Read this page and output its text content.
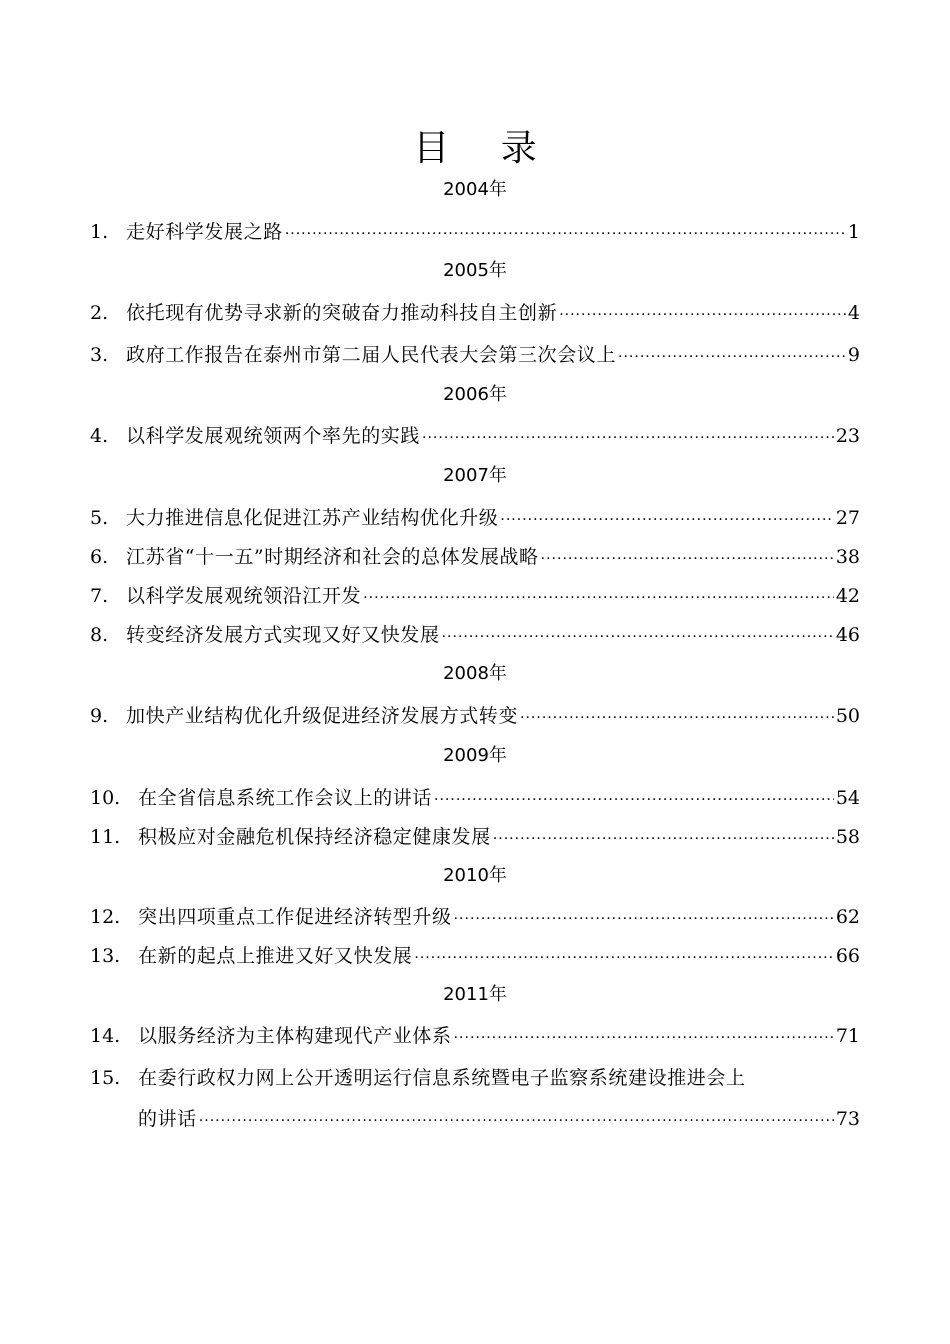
目 录
2004年
1. 走好科学发展之路 ·····	1
2005年
2. 依托现有优势寻求新的突破奋力推动科技自主创新 ·····	4
3. 政府工作报告在泰州市第二届人民代表大会第三次会议上 ·····	9
2006年
4. 以科学发展观统领两个率先的实践 ·····	23
2007年
5. 大力推进信息化促进江苏产业结构优化升级 ·····	27
6. 江苏省“十一五”时期经济和社会的总体发展战略 ·····	38
7. 以科学发展观统领沿江开发 ·····	42
8. 转变经济发展方式实现又好又快发展 ·····	46
2008年
9. 加快产业结构优化升级促进经济发展方式转变 ·····	50
2009年
10. 在全省信息系统工作会议上的讲话 ·····	54
11. 积极应对金融危机保持经济稳定健康发展 ·····	58
2010年
12. 突出四项重点工作促进经济转型升级 ·····	62
13. 在新的起点上推进又好又快发展 ·····	66
2011年
14. 以服务经济为主体构建现代产业体系 ·····	71
15. 在委行政权力网上公开透明运行信息系统暨电子监察系统建设推进会上
的讲话 ·····	73
